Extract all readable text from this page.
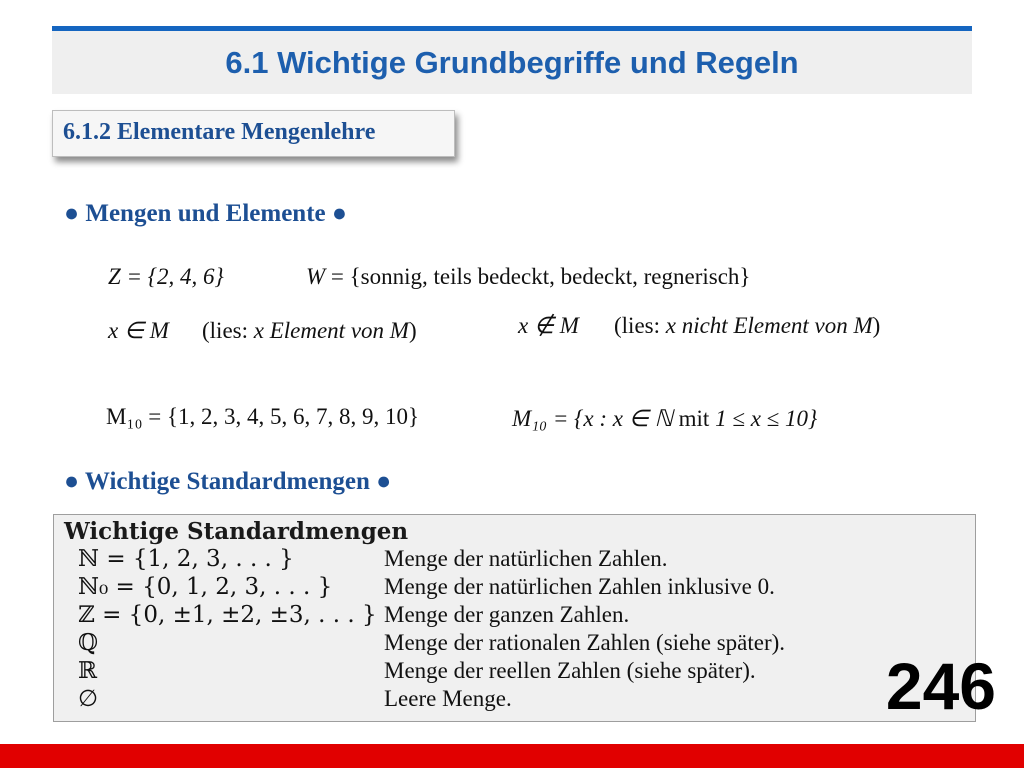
6.1 Wichtige Grundbegriffe und Regeln
6.1.2 Elementare Mengenlehre
● Mengen und Elemente ●
Z = {2, 4, 6}	W = {sonnig, teils bedeckt, bedeckt, regnerisch}
x ∈ M (lies: x Element von M)	x ∉ M (lies: x nicht Element von M)
M₁₀ = {1, 2, 3, 4, 5, 6, 7, 8, 9, 10}	M₁₀ = {x : x ∈ ℕ mit 1 ≤ x ≤ 10}
● Wichtige Standardmengen ●
Wichtige Standardmengen
ℕ = {1, 2, 3, . . . }	Menge der natürlichen Zahlen.
ℕ₀ = {0, 1, 2, 3, . . . } Menge der natürlichen Zahlen inklusive 0.
ℤ = {0, ±1, ±2, ±3, . . . } Menge der ganzen Zahlen.
ℚ	Menge der rationalen Zahlen (siehe später).
ℝ	Menge der reellen Zahlen (siehe später).
∅	Leere Menge.	246
